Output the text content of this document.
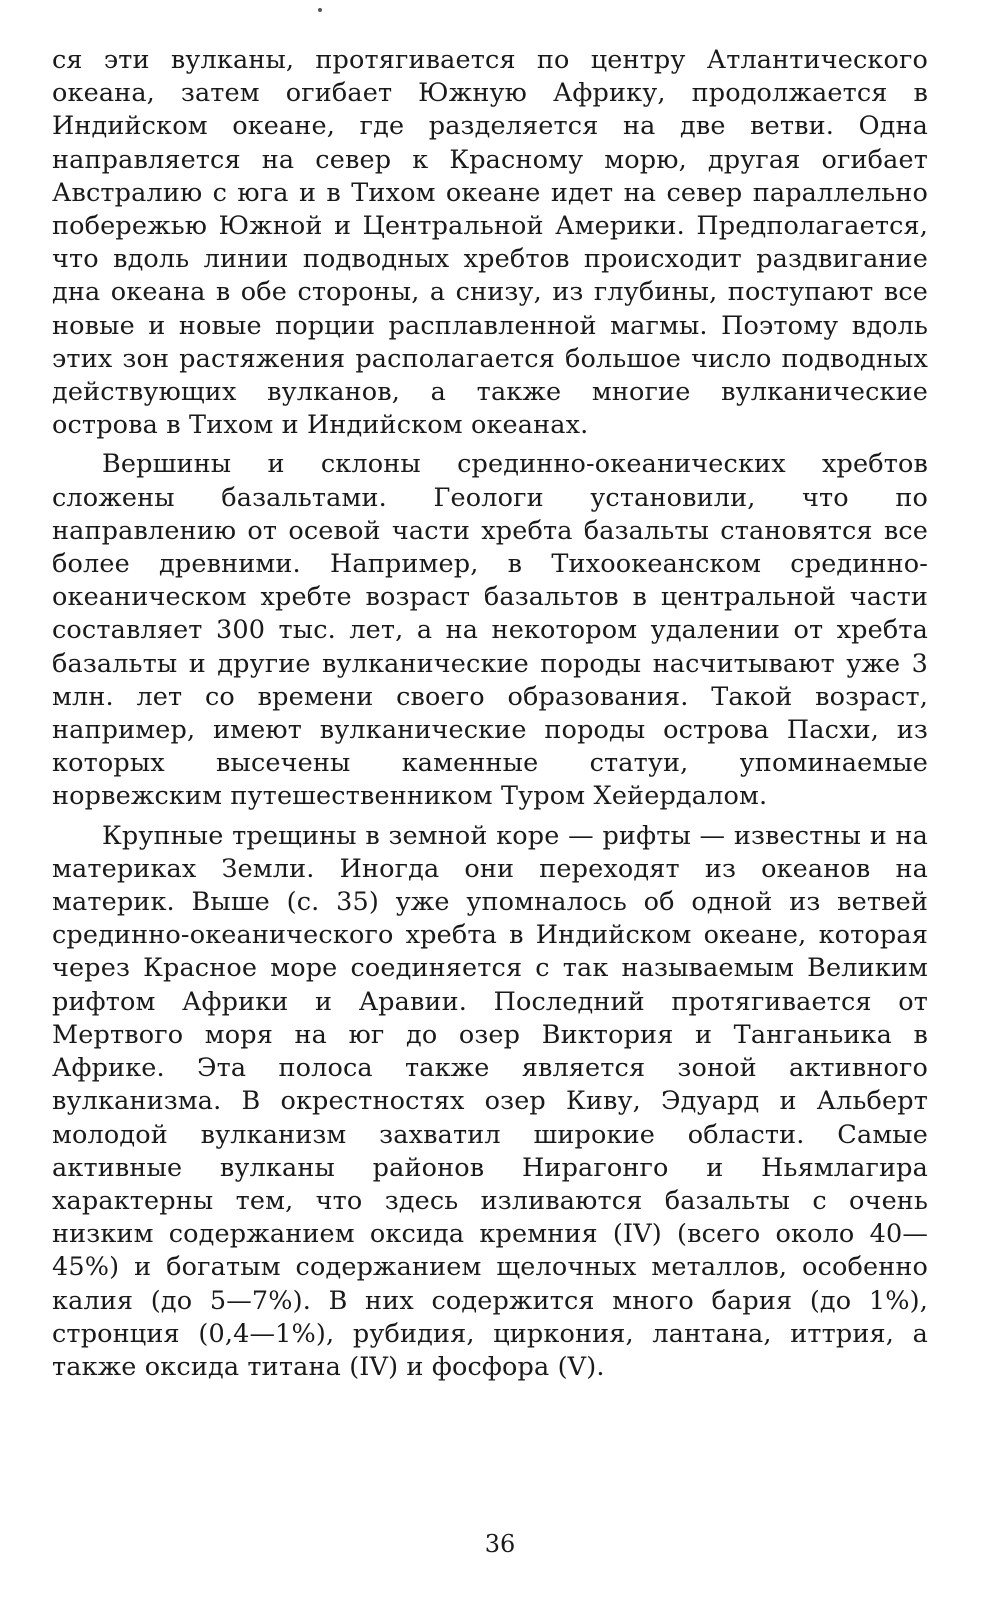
ся эти вулканы, протягивается по центру Атлантического океана, затем огибает Южную Африку, продолжается в Индийском океане, где разделяется на две ветви. Одна направляется на север к Красному морю, другая огибает Австралию с юга и в Тихом океане идет на север параллельно побережью Южной и Центральной Америки. Предполагается, что вдоль линии подводных хребтов происходит раздвигание дна океана в обе стороны, а снизу, из глубины, поступают все новые и новые порции расплавленной магмы. Поэтому вдоль этих зон растяжения располагается большое число подводных действующих вулканов, а также многие вулканические острова в Тихом и Индийском океанах.

Вершины и склоны срединно-океанических хребтов сложены базальтами. Геологи установили, что по направлению от осевой части хребта базальты становятся все более древними. Например, в Тихоокеанском срединно-океаническом хребте возраст базальтов в центральной части составляет 300 тыс. лет, а на некотором удалении от хребта базальты и другие вулканические породы насчитывают уже 3 млн. лет со времени своего образования. Такой возраст, например, имеют вулканические породы острова Пасхи, из которых высечены каменные статуи, упоминаемые норвежским путешественником Туром Хейердалом.

Крупные трещины в земной коре — рифты — известны и на материках Земли. Иногда они переходят из океанов на материк. Выше (с. 35) уже упомналось об одной из ветвей срединно-океанического хребта в Индийском океане, которая через Красное море соединяется с так называемым Великим рифтом Африки и Аравии. Последний протягивается от Мертвого моря на юг до озер Виктория и Танганьика в Африке. Эта полоса также является зоной активного вулканизма. В окрестностях озер Киву, Эдуард и Альберт молодой вулканизм захватил широкие области. Самые активные вулканы районов Нирагонго и Ньямлагира характерны тем, что здесь изливаются базальты с очень низким содержанием оксида кремния (IV) (всего около 40—45%) и богатым содержанием щелочных металлов, особенно калия (до 5—7%). В них содержится много бария (до 1%), стронция (0,4—1%), рубидия, циркония, лантана, иттрия, а также оксида титана (IV) и фосфора (V).

36
